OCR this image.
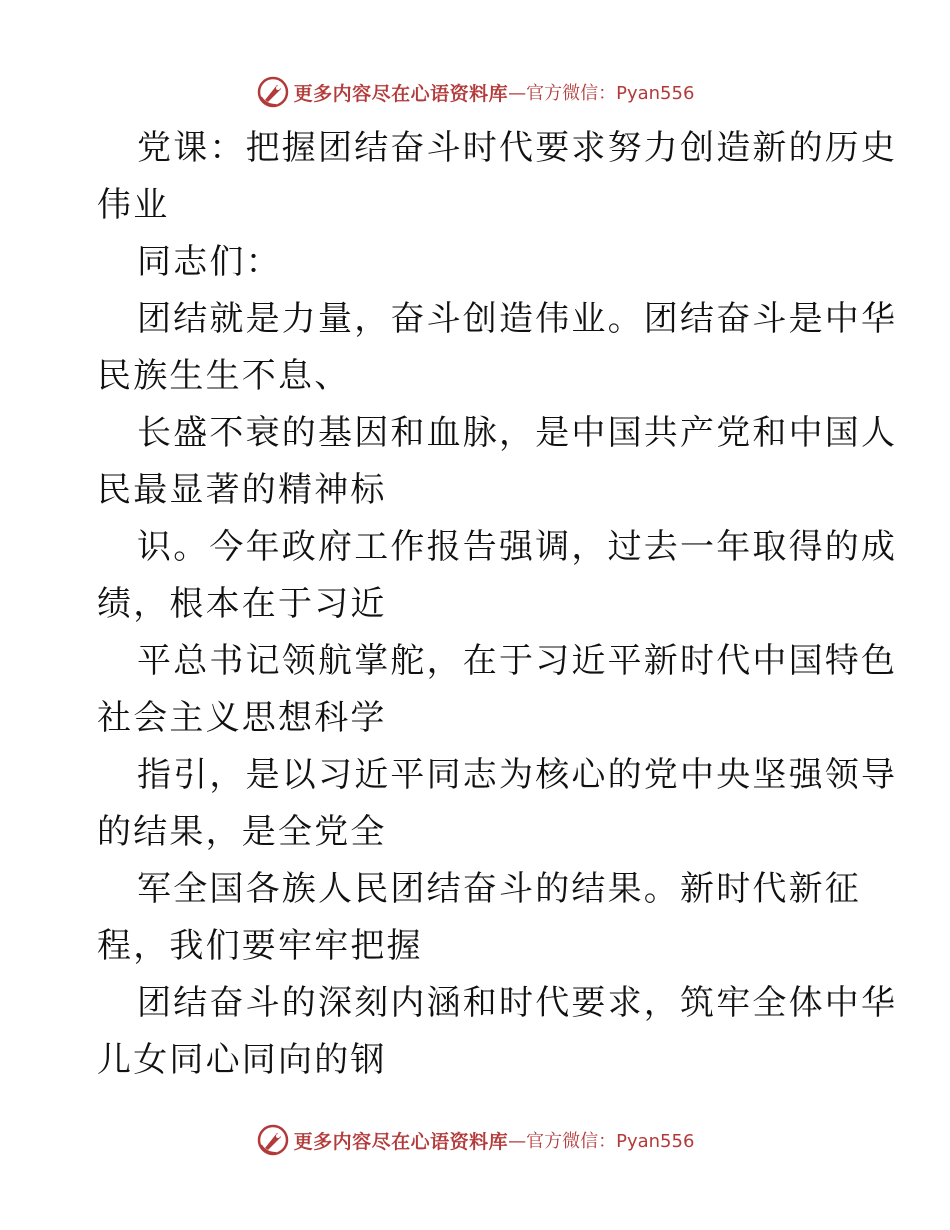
更多内容尽在心语资料库 —官方微信：Pyan556
党课：把握团结奋斗时代要求努力创造新的历史
伟业
同志们：
团结就是力量，奋斗创造伟业。团结奋斗是中华
民族生生不息、
长盛不衰的基因和血脉，是中国共产党和中国人
民最显著的精神标
识。今年政府工作报告强调，过去一年取得的成
绩，根本在于习近
平总书记领航掌舵，在于习近平新时代中国特色
社会主义思想科学
指引，是以习近平同志为核心的党中央坚强领导
的结果，是全党全
军全国各族人民团结奋斗的结果。新时代新征
程，我们要牢牢把握
团结奋斗的深刻内涵和时代要求，筑牢全体中华
儿女同心同向的钢
更多内容尽在心语资料库 —官方微信：Pyan556
